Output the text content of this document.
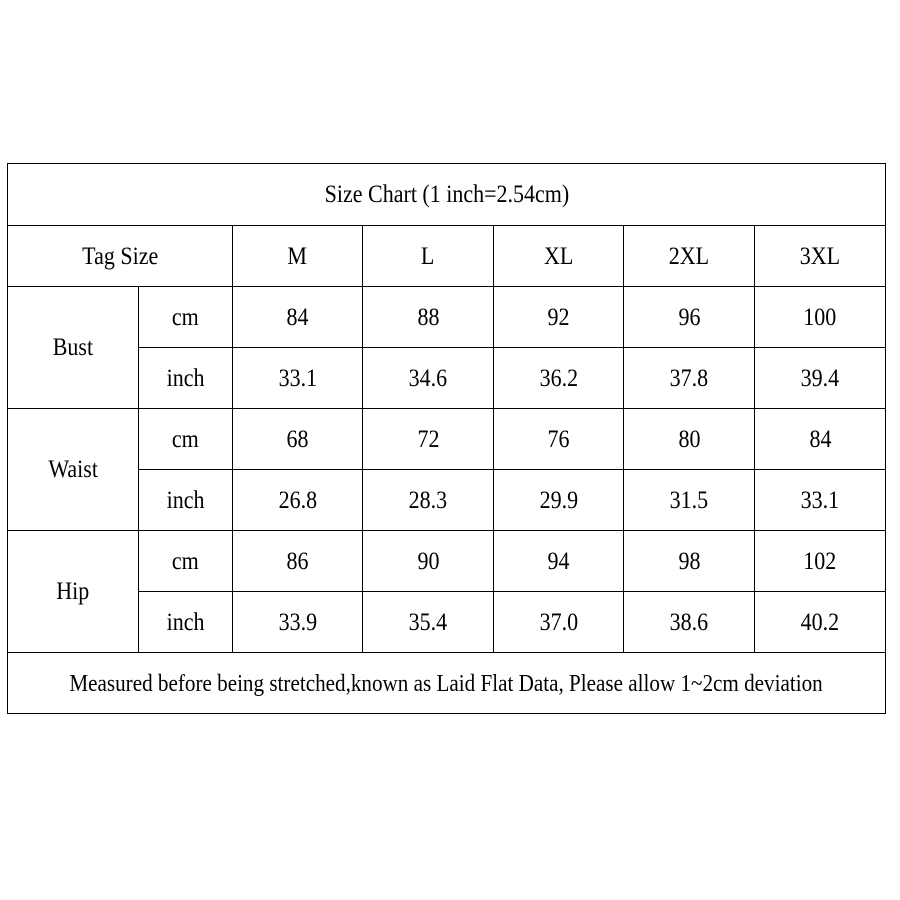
Size Chart (1 inch=2.54cm)						
Tag Size		M	L	XL	2XL	3XL
Bust	cm	84	88	92	96	100
	inch	33.1	34.6	36.2	37.8	39.4
Waist	cm	68	72	76	80	84
	inch	26.8	28.3	29.9	31.5	33.1
Hip	cm	86	90	94	98	102
	inch	33.9	35.4	37.0	38.6	40.2
Measured before being stretched,known as Laid Flat Data, Please allow 1~2cm deviation						
